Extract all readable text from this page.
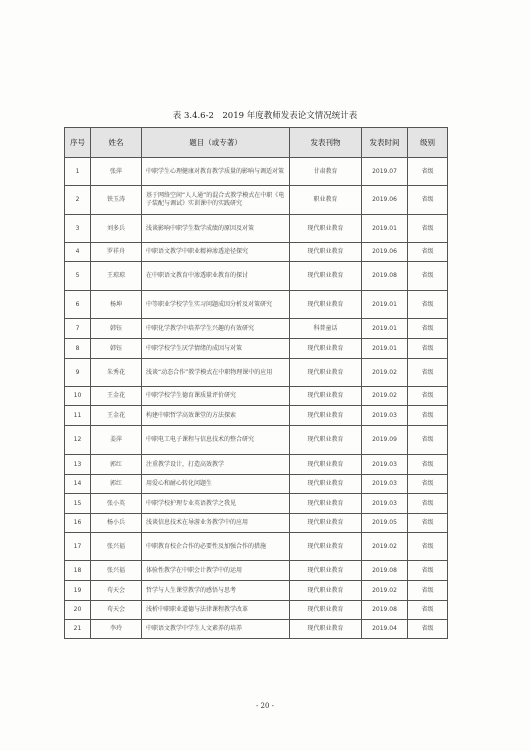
表 3.4.6-2　2019 年度教师发表论文情况统计表
序号	姓名	题目（或专著）	发表刊物	发表时间	级别
1	张萍	中职学生心理健康对教育教学质量的影响与调适对策	甘肃教育	2019.07	省级
2	铁玉涛	基于网络空间“人人通”的混合式教学模式在中职《电子装配与调试》实训课中的实践研究	职业教育	2019.06	省级
3	刘多兵	浅谈影响中职学生数学成绩的原因及对策	现代职业教育	2019.01	省级
4	罗祥舟	中职语文教学中职业精神渗透途径探究	现代职业教育	2019.06	省级
5	王琼琼	在中职语文教育中渗透职业教育的探讨	现代职业教育	2019.08	省级
6	杨坤	中等职业学校学生实习问题成因分析及对策研究	现代职业教育	2019.01	省级
7	韩钰	中职化学教学中培养学生兴趣的有效研究	科普童话	2019.01	省级
8	韩钰	中职学校学生厌学情绪的成因与对策	现代职业教育	2019.01	省级
9	朱秀花	浅谈“动态合作”教学模式在中职物理课中的应用	现代职业教育	2019.02	省级
10	王金花	中职学校学生德育课质量评价研究	现代职业教育	2019.02	省级
11	王金花	构建中职哲学高效课堂的方法探索	现代职业教育	2019.03	省级
12	姜萍	中职电工电子课程与信息技术的整合研究	现代职业教育	2019.09	省级
13	郭红	注重教学设计，打造高效教学	现代职业教育	2019.03	省级
14	郭红	用爱心和耐心转化问题生	现代职业教育	2019.03	省级
15	张小英	中职学校护理专业英语教学之我见	现代职业教育	2019.03	省级
16	杨小兵	浅谈信息技术在导游业务教学中的应用	现代职业教育	2019.05	省级
17	张兴福	中职教育校企合作的必要性及加强合作的措施	现代职业教育	2019.02	省级
18	张兴福	体验性教学在中职会计教学中的运用	现代职业教育	2019.08	省级
19	苟天会	哲学与人生课堂教学的感悟与思考	现代职业教育	2019.02	省级
20	苟天会	浅析中职职业道德与法律课程教学改革	现代职业教育	2019.08	省级
21	李玲	中职语文教学中学生人文素养的培养	现代职业教育	2019.04	省级
- 20 -
